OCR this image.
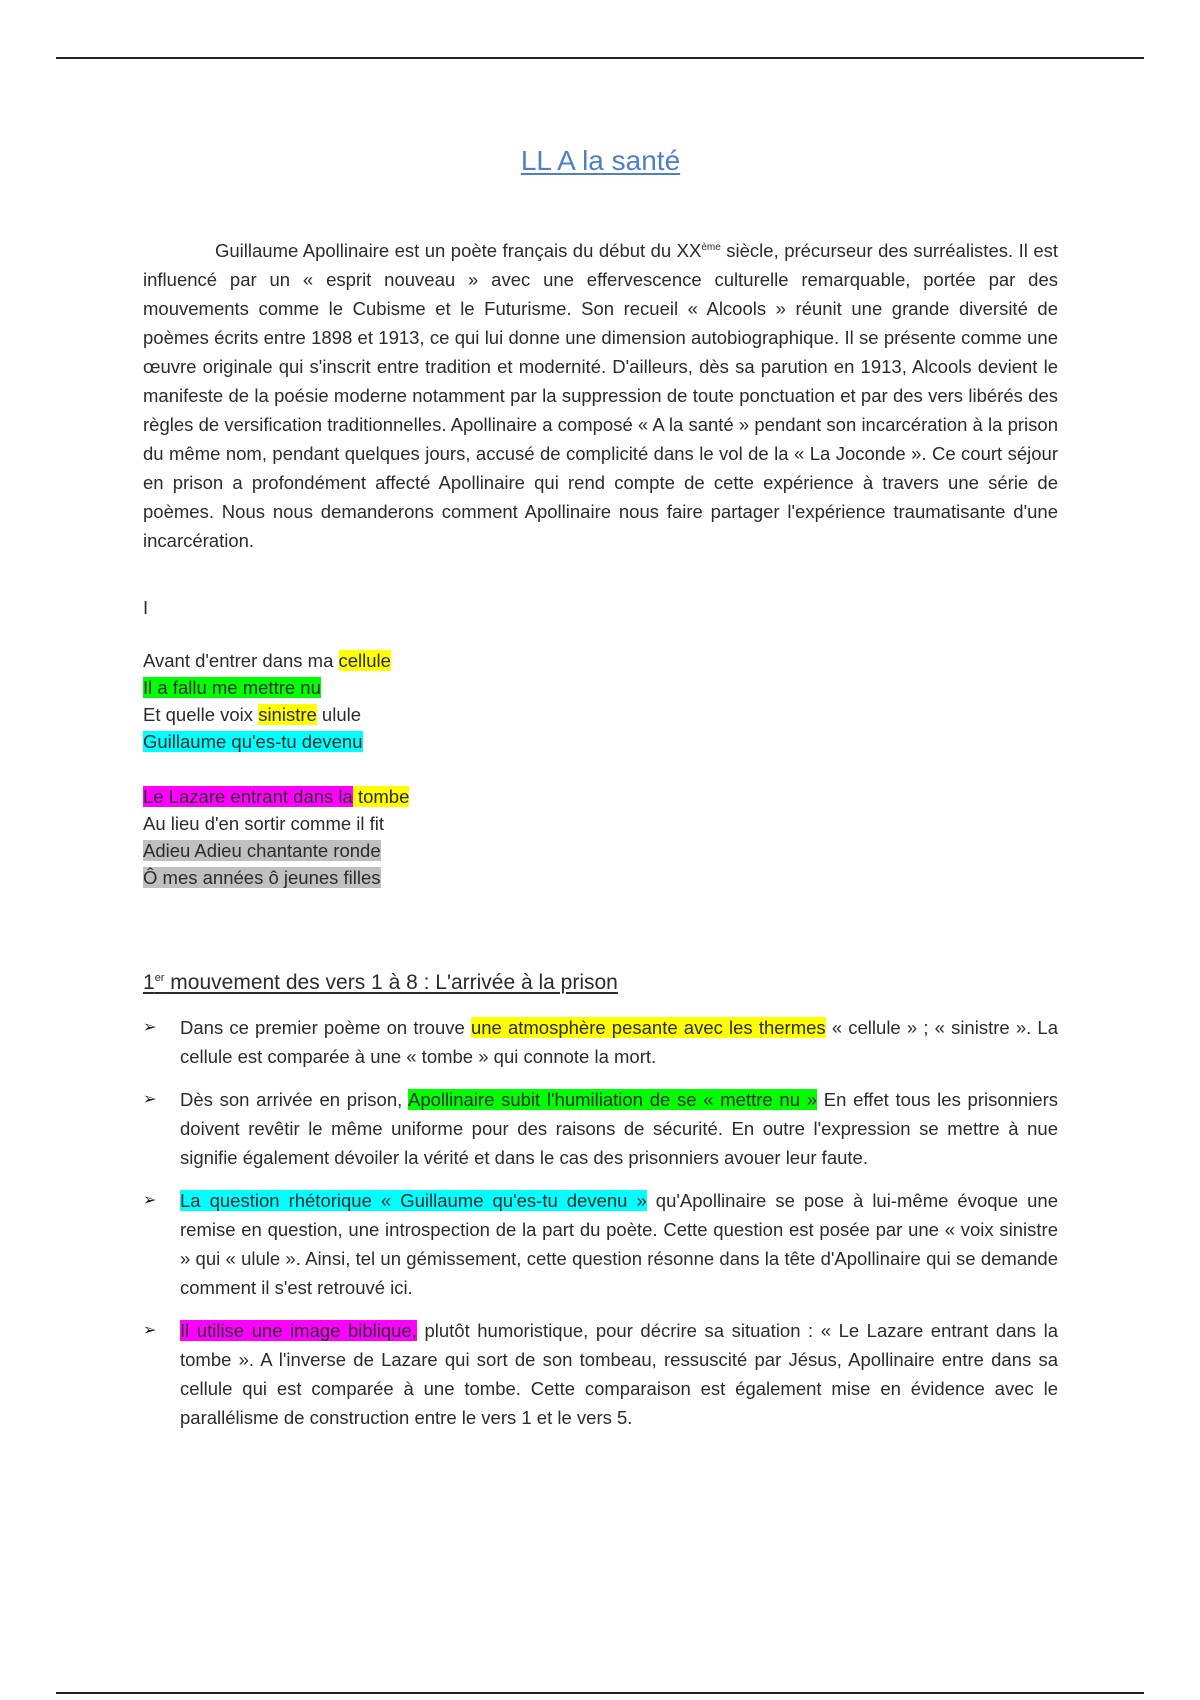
LL A la santé

Guillaume Apollinaire est un poète français du début du XXème siècle, précurseur des surréalistes. Il est influencé par un « esprit nouveau » avec une effervescence culturelle remarquable, portée par des mouvements comme le Cubisme et le Futurisme. Son recueil « Alcools » réunit une grande diversité de poèmes écrits entre 1898 et 1913, ce qui lui donne une dimension autobiographique. Il se présente comme une œuvre originale qui s'inscrit entre tradition et modernité. D'ailleurs, dès sa parution en 1913, Alcools devient le manifeste de la poésie moderne notamment par la suppression de toute ponctuation et par des vers libérés des règles de versification traditionnelles. Apollinaire a composé « A la santé » pendant son incarcération à la prison du même nom, pendant quelques jours, accusé de complicité dans le vol de la « La Joconde ». Ce court séjour en prison a profondément affecté Apollinaire qui rend compte de cette expérience à travers une série de poèmes. Nous nous demanderons comment Apollinaire nous faire partager l'expérience traumatisante d'une incarcération.

I

Avant d'entrer dans ma cellule
Il a fallu me mettre nu
Et quelle voix sinistre ulule
Guillaume qu'es-tu devenu

Le Lazare entrant dans la tombe
Au lieu d'en sortir comme il fit
Adieu Adieu chantante ronde
Ô mes années ô jeunes filles

1er mouvement des vers 1 à 8 : L'arrivée à la prison
➢ Dans ce premier poème on trouve une atmosphère pesante avec les thermes « cellule » ; « sinistre ». La cellule est comparée à une « tombe » qui connote la mort.
➢ Dès son arrivée en prison, Apollinaire subit l'humiliation de se « mettre nu » En effet tous les prisonniers doivent revêtir le même uniforme pour des raisons de sécurité. En outre l'expression se mettre à nue signifie également dévoiler la vérité et dans le cas des prisonniers avouer leur faute.
➢ La question rhétorique « Guillaume qu'es-tu devenu » qu'Apollinaire se pose à lui-même évoque une remise en question, une introspection de la part du poète. Cette question est posée par une « voix sinistre » qui « ulule ». Ainsi, tel un gémissement, cette question résonne dans la tête d'Apollinaire qui se demande comment il s'est retrouvé ici.
➢ Il utilise une image biblique, plutôt humoristique, pour décrire sa situation : « Le Lazare entrant dans la tombe ». A l'inverse de Lazare qui sort de son tombeau, ressuscité par Jésus, Apollinaire entre dans sa cellule qui est comparée à une tombe. Cette comparaison est également mise en évidence avec le parallélisme de construction entre le vers 1 et le vers 5.
